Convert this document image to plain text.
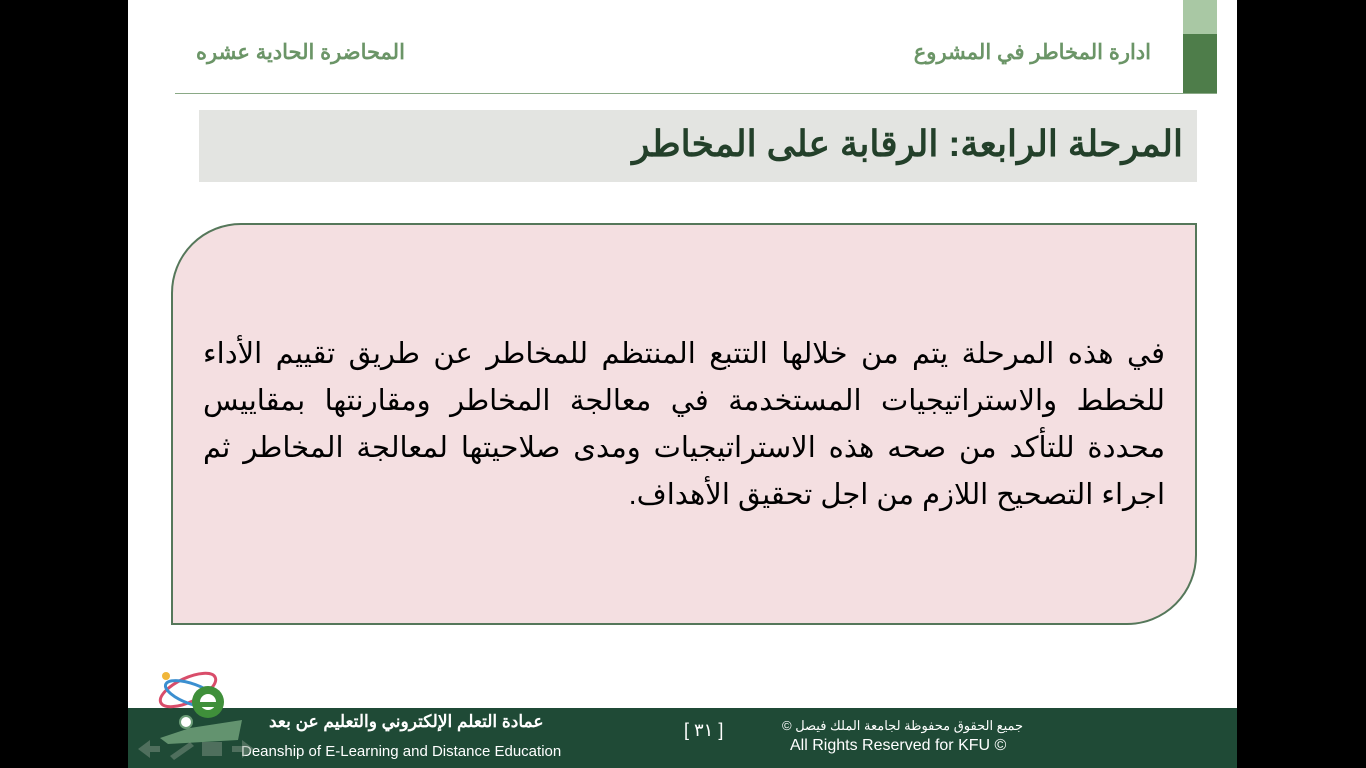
ادارة المخاطر في المشروع
المحاضرة الحادية عشره
المرحلة الرابعة: الرقابة على المخاطر
في هذه المرحلة يتم من خلالها التتبع المنتظم للمخاطر عن طريق تقييم الأداء للخطط والاستراتيجيات المستخدمة في معالجة المخاطر ومقارنتها بمقاييس محددة للتأكد من صحه هذه الاستراتيجيات ومدى صلاحيتها لمعالجة المخاطر ثم اجراء التصحيح اللازم من اجل تحقيق الأهداف.
عمادة التعلم الإلكتروني والتعليم عن بعد
Deanship of E-Learning and Distance Education
[ ٣١ ]	جميع الحقوق محفوظة لجامعة الملك فيصل ©
All Rights Reserved for KFU ©
